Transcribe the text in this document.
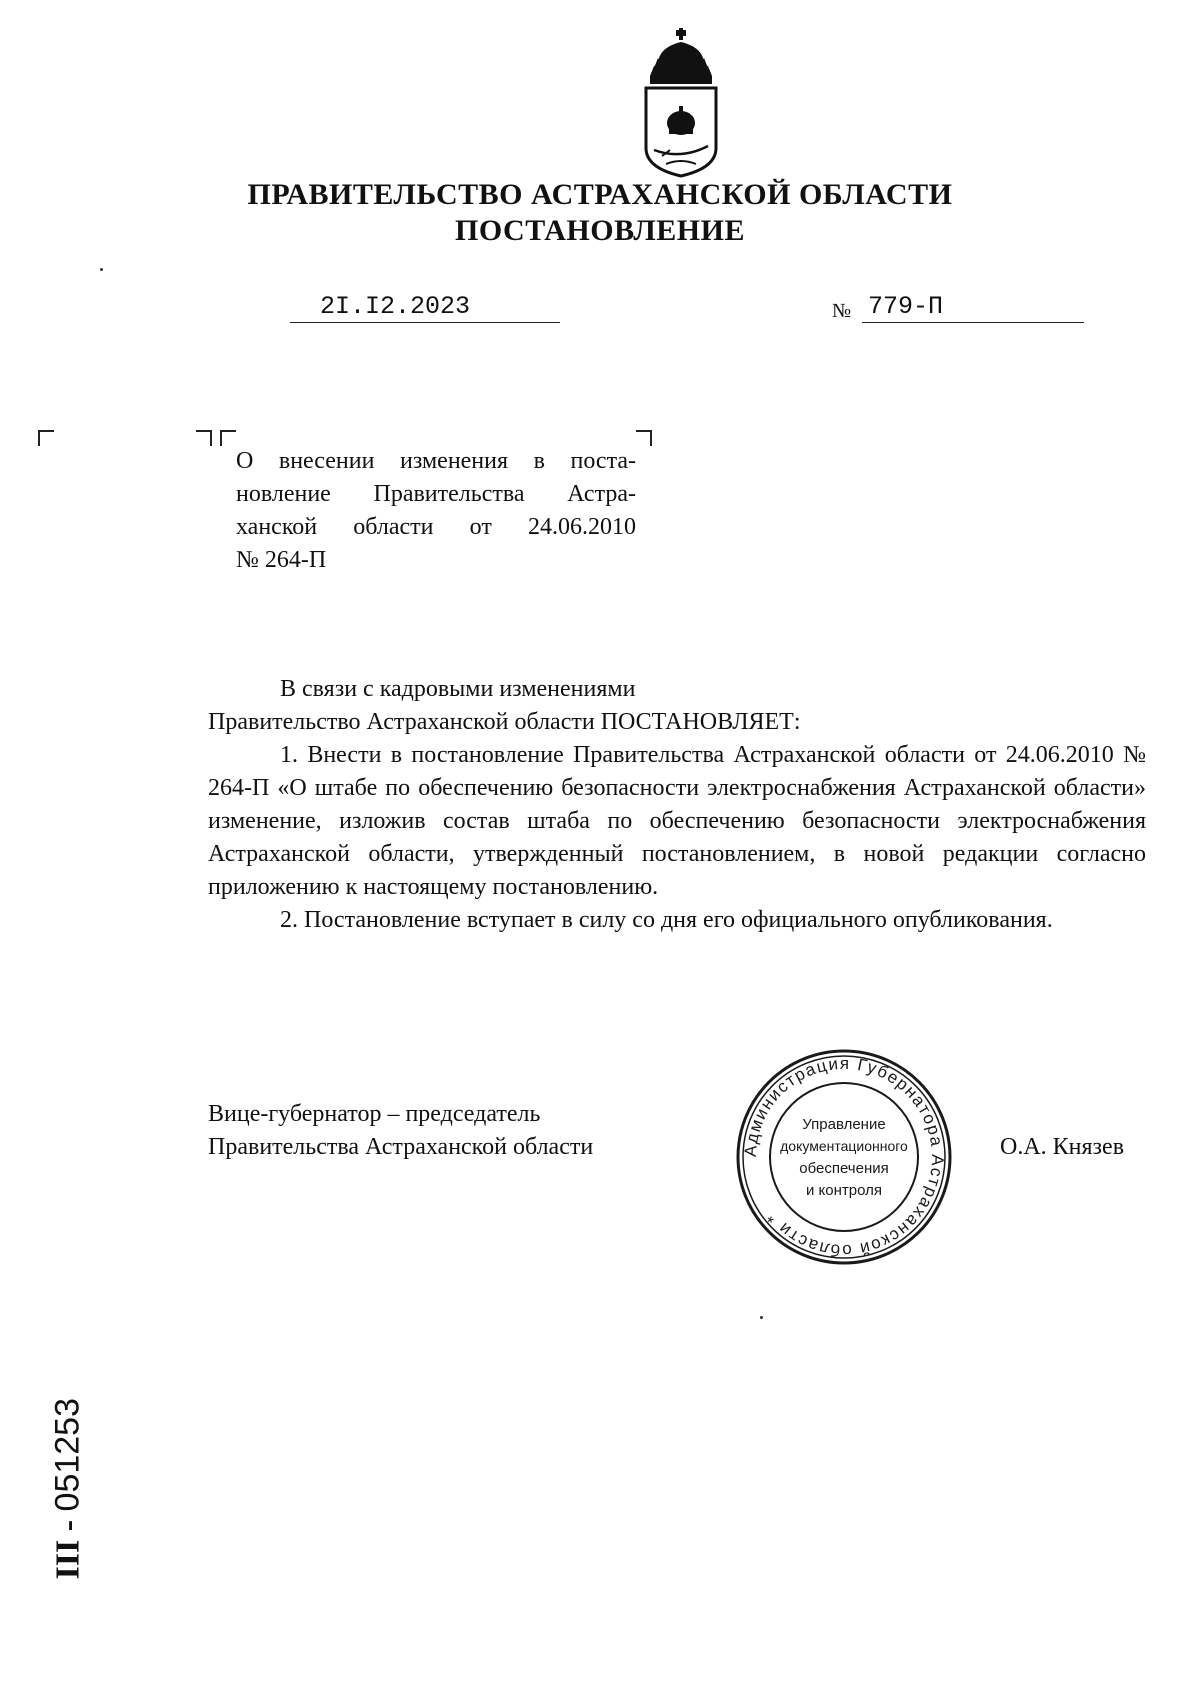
ПРАВИТЕЛЬСТВО АСТРАХАНСКОЙ ОБЛАСТИ
ПОСТАНОВЛЕНИЕ
2I.I2.2023	№ 779-П

О внесении изменения в поста-

новление Правительства Астра-

ханской области от 24.06.2010

№ 264-П

В связи с кадровыми изменениями

Правительство Астраханской области ПОСТАНОВЛЯЕТ:

1. Внести в постановление Правительства Астраханской области от 24.06.2010 № 264-П «О штабе по обеспечению безопасности электроснабжения Астраханской области» изменение, изложив состав штаба по обеспечению безопасности электроснабжения Астраханской области, утвержденный постановлением, в новой редакции согласно приложению к настоящему постановлению.

2. Постановление вступает в силу со дня его официального опубликования.

Вице-губернатор – председатель
Правительства Астраханской области	О.А. Князев
Администрация Губернатора Астраханской области *
Управление
документационного
обеспечения
и контроля
ІІІ - 051253
